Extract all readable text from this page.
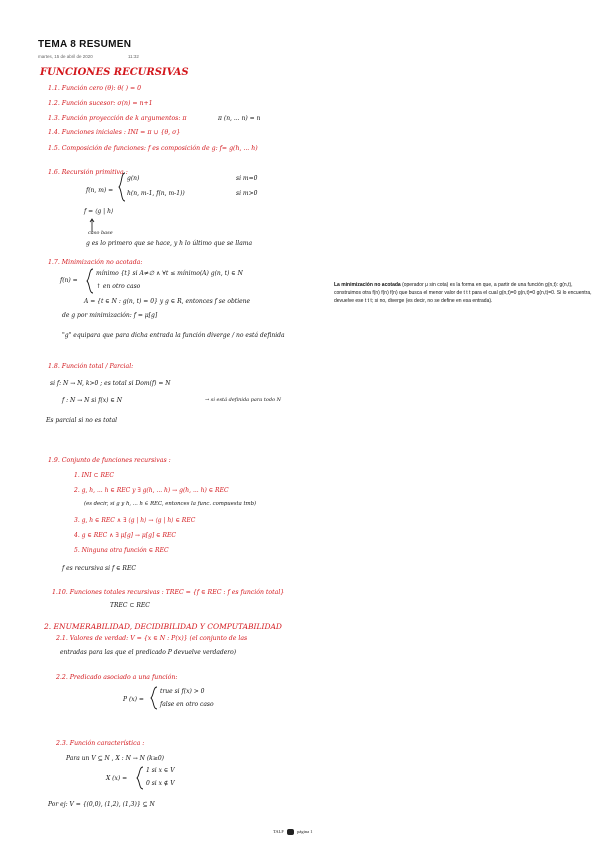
TEMA 8 RESUMEN
martes, 15 de abril de 2020	11:32
FUNCIONES RECURSIVAS
1.1. Función cero (θ): θ( ) = 0
1.2. Función sucesor: σ(n) = n+1
1.3. Función proyección de k argumentos: π	π (n, ... n) = n
1.4. Funciones iniciales : INI = π ∪ {θ, σ}
1.5. Composición de funciones: f es composición de g: f= g(h, ... h)
1.6. Recursión primitiva :
f(n, m) =
g(n)	si m=0
h(n, m-1, f(n, m-1))	si m>0
f = ⟨g | h⟩
caso base
g es lo primero que se hace, y h lo último que se llama
1.7. Minimización no acotada:
f(n) =
mínimo {t} si A≠∅ ∧ ∀t ≤ mínimo(A) g(n, t) ∈ N
↑ en otro caso
A = {t ∈ N : g(n, t) = 0} y g ∈ R, entonces f se obtiene
de g por minimización: f = μ[g]
"g" equipara que para dicha entrada la función diverge / no está definida
1.8. Función total / Parcial:
si f: N → N, k>0 ; es total si Dom(f) = N
f : N → N si f(x) ∈ N	→ si está definida para todo N
Es parcial si no es total
1.9. Conjunto de funciones recursivas :
1. INI ⊂ REC
2. g, h, ... h ∈ REC y ∃ g(h, ... h) → g(h, ... h) ∈ REC
(es decir, si g y h, ... h ∈ REC, entonces la func. compuesta tmb)
3. g, h ∈ REC ∧ ∃ ⟨g | h⟩ → ⟨g | h⟩ ∈ REC
4. g ∈ REC ∧ ∃ μ[g] → μ[g] ∈ REC
5. Ninguna otra función ∈ REC
f es recursiva si f ∈ REC
1.10. Funciones totales recursivas : TREC = {f ∈ REC : f es función total}
TREC ⊂ REC
2. ENUMERABILIDAD, DECIDIBILIDAD Y COMPUTABILIDAD
2.1. Valores de verdad: V = {x ∈ N : P(x)} (el conjunto de las
entradas para las que el predicado P devuelve verdadero)
2.2. Predicado asociado a una función:
P (x) =
true si f(x) > 0
false en otro caso
2.3. Función característica :
Para un V ⊆ N , X : N → N (k≥0)
X (x) =
1 si x ∈ V
0 si x ∉ V
Por ej: V = {(0,0), (1,2), (1,3)} ⊆ N
La minimización no acotada (operador μ sin cota) es la forma en que, a partir de una función g(n,t): g(n,t), construimos otra f(n) f(n) f(n) que busca el menor valor de t t t para el cual g(n,t)=0 g(n,t)=0 g(n,t)=0. Si lo encuentra, devuelve ese t t t; si no, diverge (es decir, no se define en esa entrada).
TALF	página 1
